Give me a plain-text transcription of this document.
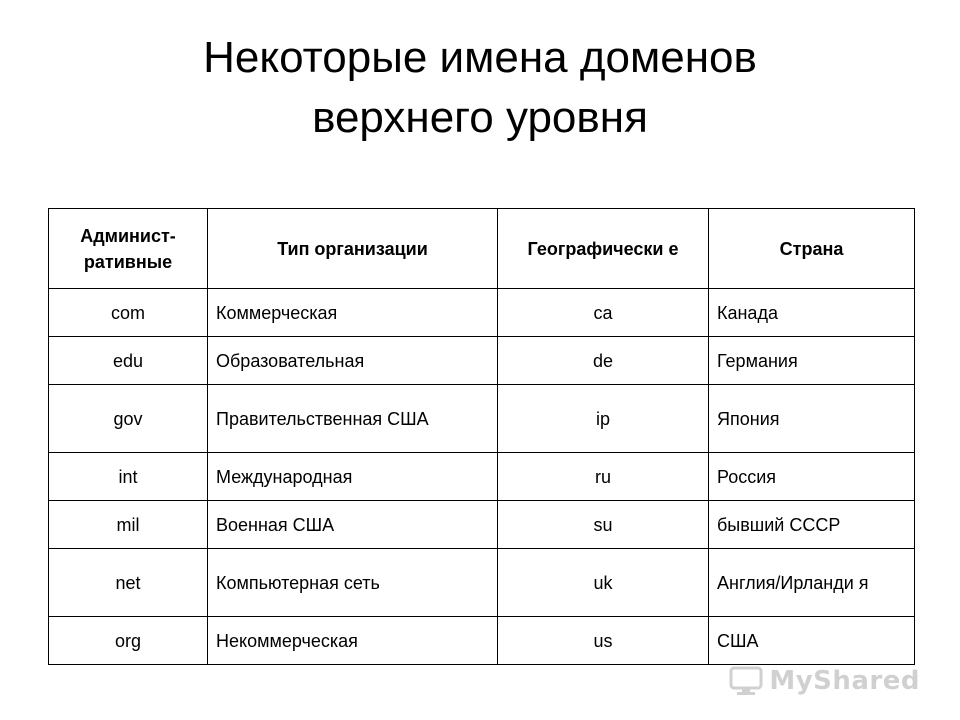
Некоторые имена доменов
верхнего уровня
Админист-ративные	Тип организации	Географически е	Страна
com	Коммерческая	ca	Канада
edu	Образовательная	de	Германия
gov	Правительственная США	ip	Япония
int	Международная	ru	Россия
mil	Военная США	su	бывший СССР
net	Компьютерная сеть	uk	Англия/Ирланди я
org	Некоммерческая	us	США
MyShared
